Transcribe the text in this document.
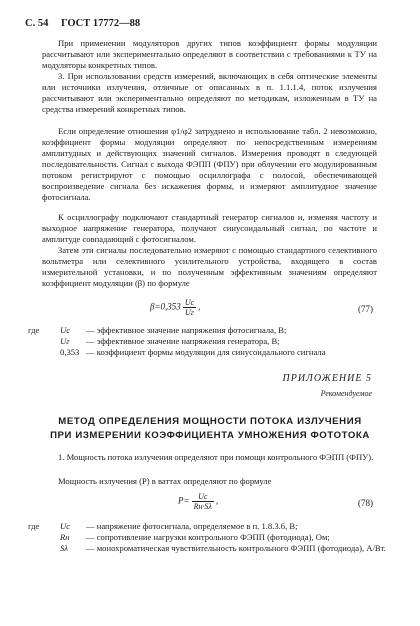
С. 54 ГОСТ 17772—88

При применении модуляторов других типов коэффициент формы модуляции рассчитывают или экспериментально определяют в соответствии с требованиями к ТУ на модуляторы конкретных типов.

3. При использовании средств измерений, включающих в себя оптические элементы или источники излучения, отличные от описанных в п. 1.1.1.4, поток излучения рассчитывают или экспериментально определяют по методикам, изложенным в ТУ на средства измерений конкретных типов.

Если определение отношения φ1/φ2 затруднено и использование табл. 2 невозможно, коэффициент формы модуляции определяют по непосредственным измерениям амплитудных и действующих значений сигналов. Измерения проводят в следующей последовательности. Сигнал с выхода ФЭПП (ФПУ) при облучении его модулированным потоком регистрируют с помощью осциллографа с полосой, обеспечивающей воспроизведение сигнала без искажения формы, и измеряют амплитудное значение фотосигнала.

К осциллографу подключают стандартный генератор сигналов и, изменяя частоту и выходное напряжение генератора, получают синусоидальный сигнал, по частоте и амплитуде совпадающий с фотосигналом.

Затем эти сигналы последовательно измеряют с помощью стандартного селективного вольтметра или селективного усилительного устройства, входящего в состав измерительной установки, и по полученным эффективным значениям определяют коэффициент модуляции (β) по формуле

$\beta=0,353 \frac{Uc}{Uг}$ ,	(77)
где	Uc	— эффективное значение напряжения фотосигнала, В;
Uг	— эффективное значение напряжения генератора, В;
0,353 — коэффициент формы модуляции для синусоидального сигнала
ПРИЛОЖЕНИЕ 5
Рекомендуемое
МЕТОД ОПРЕДЕЛЕНИЯ МОЩНОСТИ ПОТОКА ИЗЛУЧЕНИЯ
ПРИ ИЗМЕРЕНИИ КОЭФФИЦИЕНТА УМНОЖЕНИЯ ФОТОТОКА

1. Мощность потока излучения определяют при помощи контрольного ФЭПП (ФПУ).

Мощность излучения (P) в ваттах определяют по формуле

$P= \frac{Uc}{Rн\cdot S\lambda}$ ,	(78)
где	Uc	— напряжение фотосигнала, определяемое в п. 1.8.3.6, В;
Rн	— сопротивление нагрузки контрольного ФЭПП (фотодиода), Ом;
Sλ	— монохроматическая чувствительность контрольного ФЭПП (фотодиода), А/Вт.
